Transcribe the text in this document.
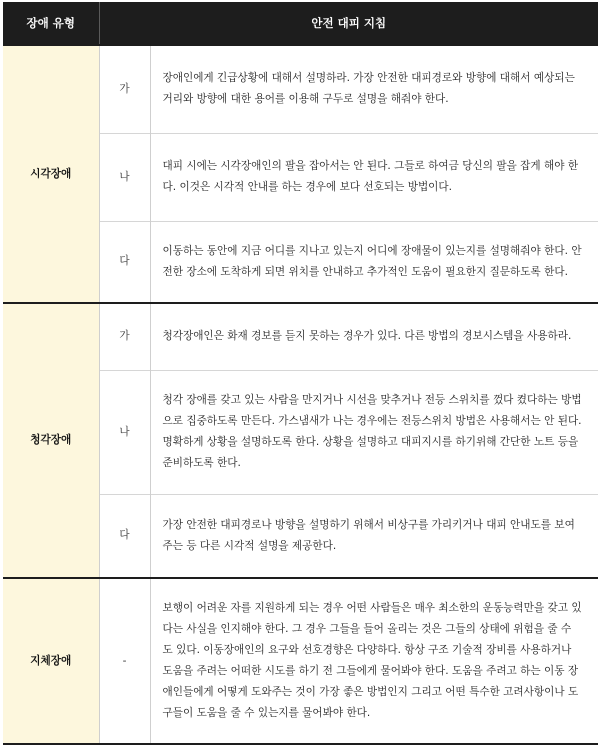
장애 유형	안전 대피 지침	
시각장애	가	장애인에게 긴급상황에 대해서 설명하라. 가장 안전한 대피경로와 방향에 대해서 예상되는 거리와 방향에 대한 용어를 이용해 구두로 설명을 해줘야 한다.
	나	대피 시에는 시각장애인의 팔을 잡아서는 안 된다. 그들로 하여금 당신의 팔을 잡게 해야 한다. 이것은 시각적 안내를 하는 경우에 보다 선호되는 방법이다.
	다	이동하는 동안에 지금 어디를 지나고 있는지 어디에 장애물이 있는지를 설명해줘야 한다. 안전한 장소에 도착하게 되면 위치를 안내하고 추가적인 도움이 필요한지 질문하도록 한다.
청각장애	가	청각장애인은 화재 경보를 듣지 못하는 경우가 있다. 다른 방법의 경보시스템을 사용하라.
	나	청각 장애를 갖고 있는 사람을 만지거나 시선을 맞추거나 전등 스위치를 껐다 켰다하는 방법으로 집중하도록 만든다. 가스냄새가 나는 경우에는 전등스위치 방법은 사용해서는 안 된다. 명확하게 상황을 설명하도록 한다. 상황을 설명하고 대피지시를 하기위해 간단한 노트 등을 준비하도록 한다.
	다	가장 안전한 대피경로나 방향을 설명하기 위해서 비상구를 가리키거나 대피 안내도를 보여주는 등 다른 시각적 설명을 제공한다.
지체장애	-	보행이 어려운 자를 지원하게 되는 경우 어떤 사람들은 매우 최소한의 운동능력만을 갖고 있다는 사실을 인지해야 한다. 그 경우 그들을 들어 올리는 것은 그들의 상태에 위험을 줄 수 도 있다. 이동장애인의 요구와 선호경향은 다양하다. 항상 구조 기술적 장비를 사용하거나 도움을 주려는 어떠한 시도를 하기 전 그들에게 물어봐야 한다. 도움을 주려고 하는 이동 장애인들에게 어떻게 도와주는 것이 가장 좋은 방법인지 그리고 어떤 특수한 고려사항이나 도구들이 도움을 줄 수 있는지를 물어봐야 한다.
